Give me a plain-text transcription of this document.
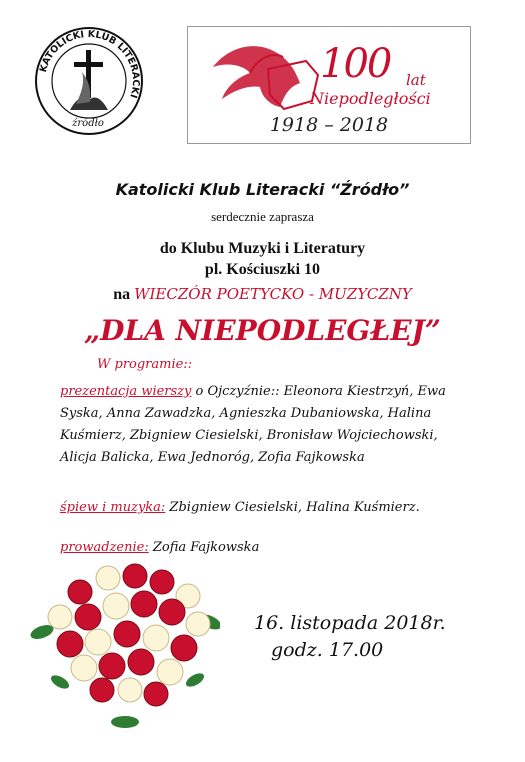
KATOLICKI KLUB LITERACKI
źródło
100 lat
Niepodległości
1918 – 2018
Katolicki Klub Literacki “Źródło”
serdecznie zaprasza
do Klubu Muzyki i Literatury
pl. Kościuszki 10
na WIECZÓR POETYCKO - MUZYCZNY
„DLA NIEPODLEGŁEJ”
W programie::
prezentacja wierszy o Ojczyźnie:: Eleonora Kiestrzyń, Ewa
Syska, Anna Zawadzka, Agnieszka Dubaniowska, Halina
Kuśmierz, Zbigniew Ciesielski, Bronisław Wojciechowski,
Alicja Balicka, Ewa Jednoróg, Zofia Fajkowska
śpiew i muzyka: Zbigniew Ciesielski, Halina Kuśmierz.
prowadzenie: Zofia Fajkowska
16. listopada 2018r.
godz. 17.00
